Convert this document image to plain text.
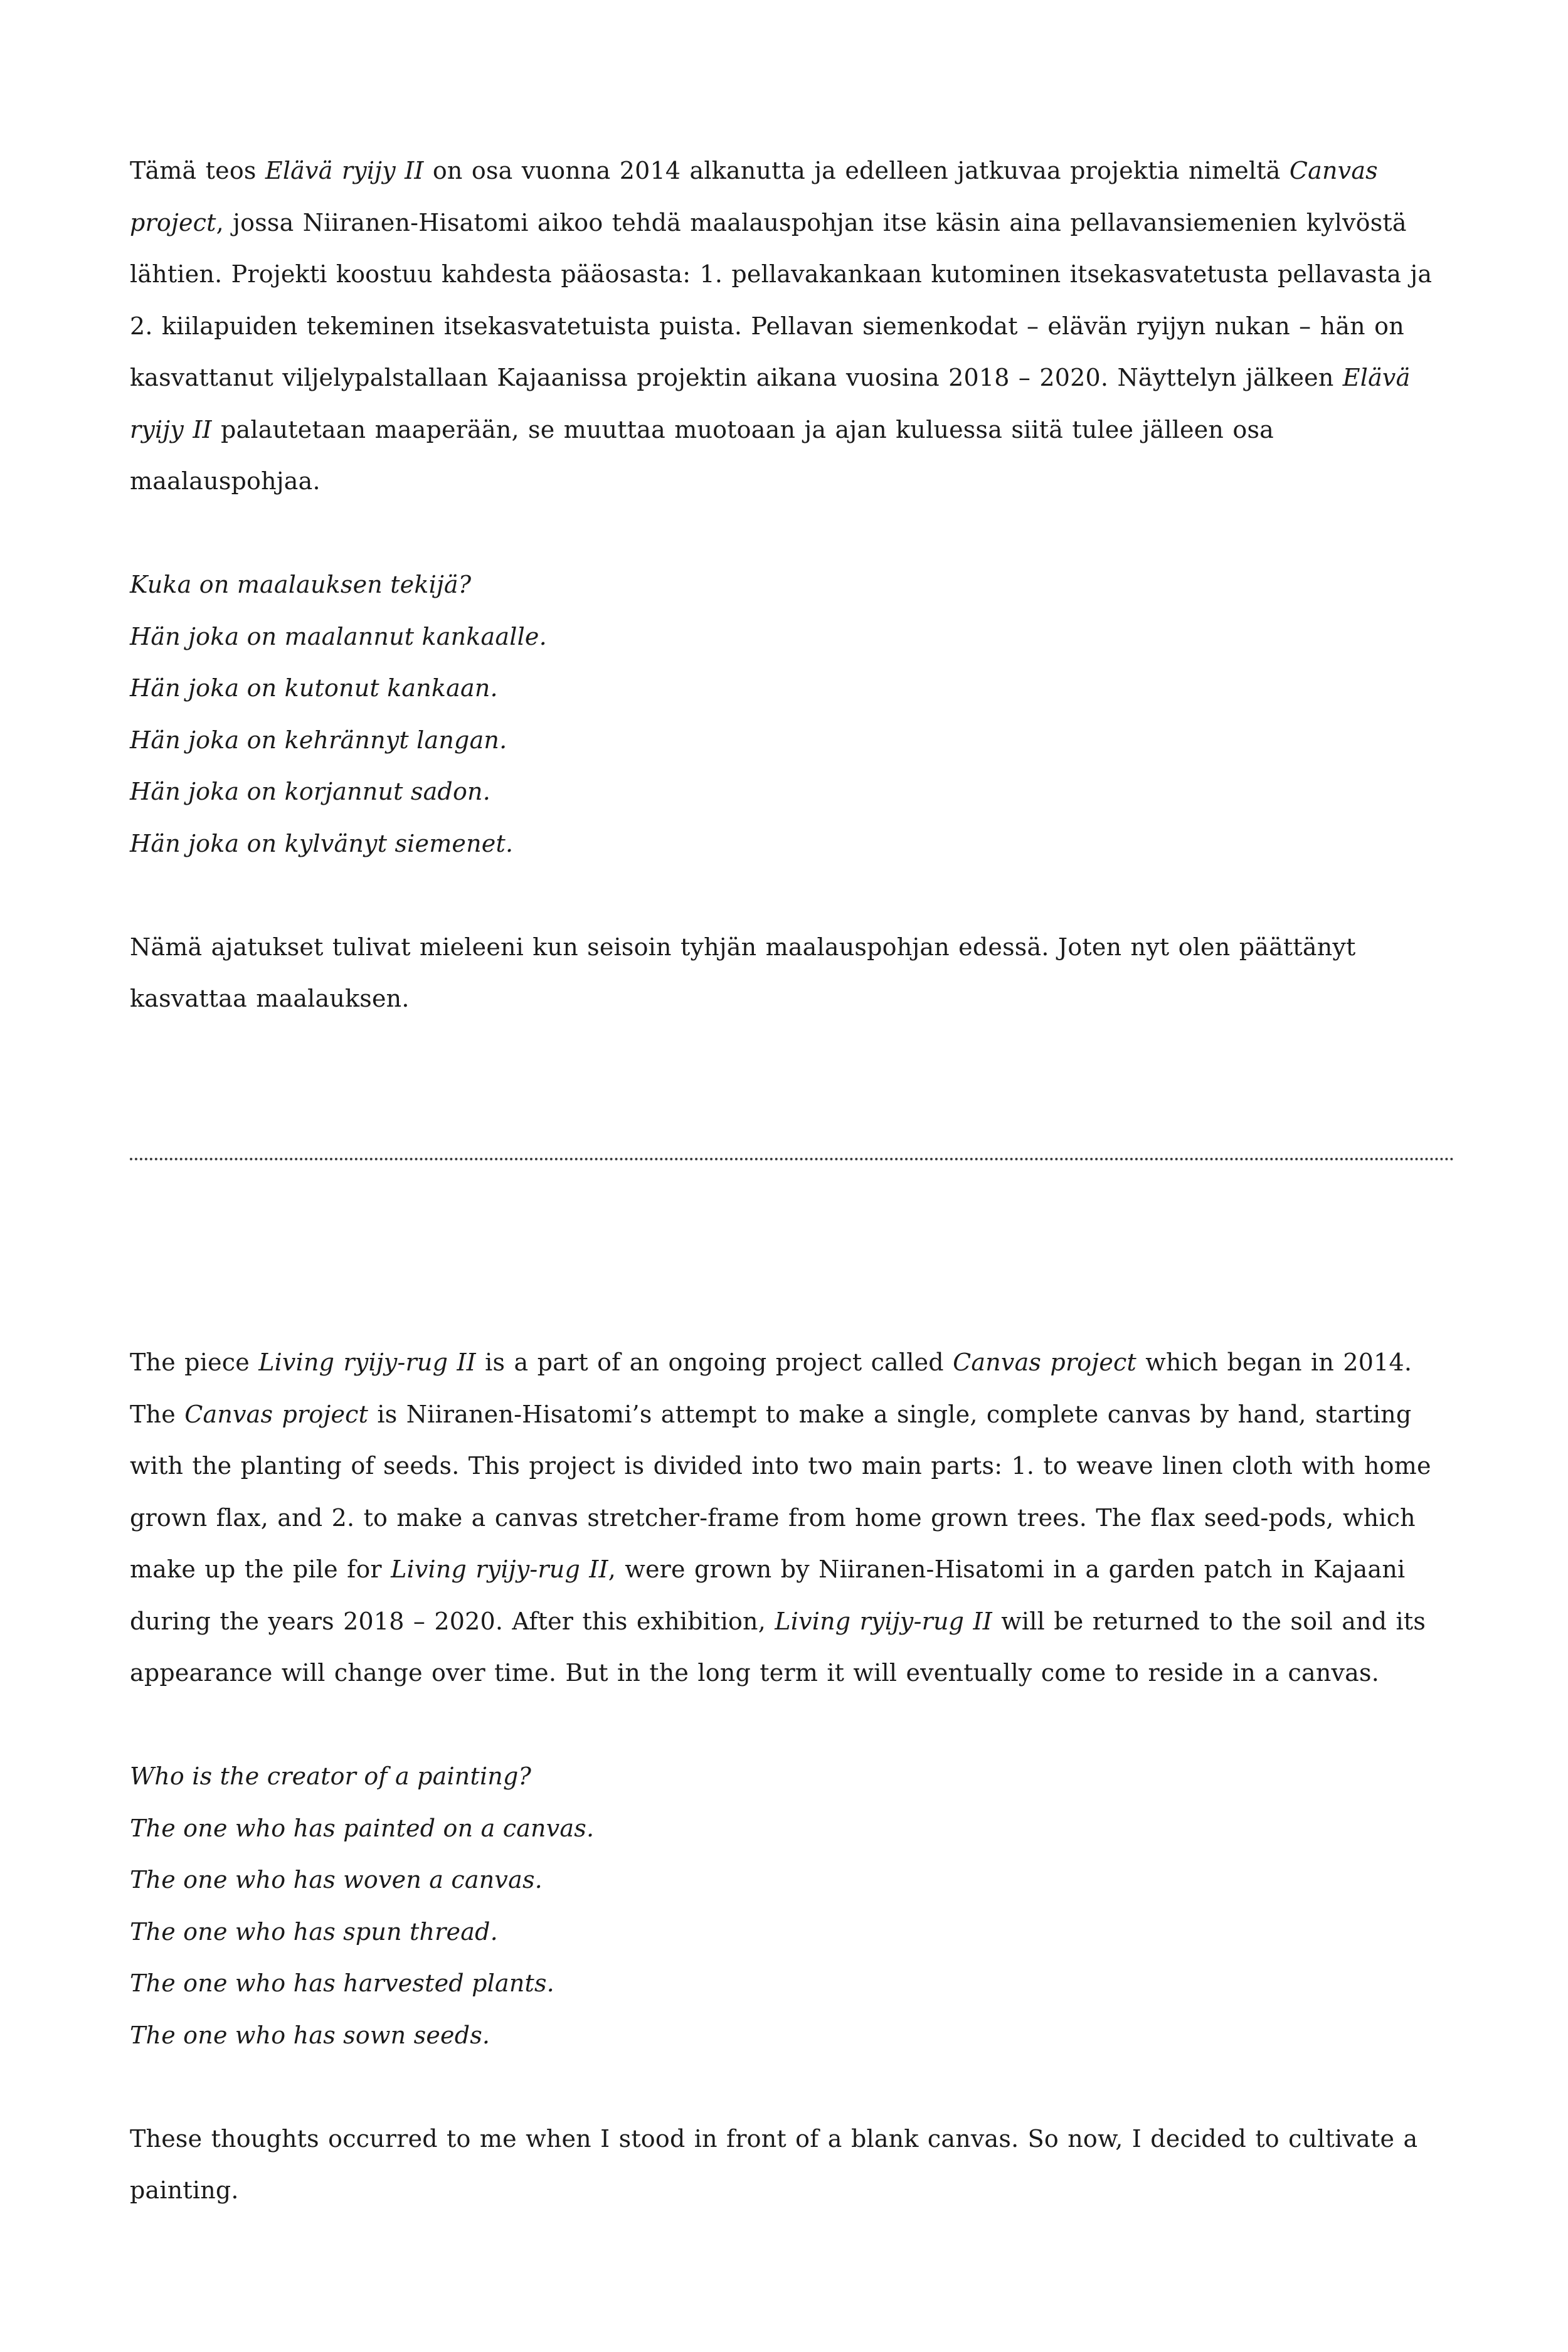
Tämä teos Elävä ryijy II on osa vuonna 2014 alkanutta ja edelleen jatkuvaa projektia nimeltä Canvas project, jossa Niiranen-Hisatomi aikoo tehdä maalauspohjan itse käsin aina pellavansiemenien kylvöstä lähtien. Projekti koostuu kahdesta pääosasta: 1. pellavakankaan kutominen itsekasvatetusta pellavasta ja 2. kiilapuiden tekeminen itsekasvatetuista puista. Pellavan siemenkodat – elävän ryijyn nukan – hän on kasvattanut viljelypalstallaan Kajaanissa projektin aikana vuosina 2018 – 2020. Näyttelyn jälkeen Elävä ryijy II palautetaan maaperään, se muuttaa muotoaan ja ajan kuluessa siitä tulee jälleen osa maalauspohjaa.

Kuka on maalauksen tekijä?
Hän joka on maalannut kankaalle.
Hän joka on kutonut kankaan.
Hän joka on kehrännyt langan.
Hän joka on korjannut sadon.
Hän joka on kylvänyt siemenet.

Nämä ajatukset tulivat mieleeni kun seisoin tyhjän maalauspohjan edessä. Joten nyt olen päättänyt kasvattaa maalauksen.

The piece Living ryijy-rug II is a part of an ongoing project called Canvas project which began in 2014. The Canvas project is Niiranen-Hisatomi’s attempt to make a single, complete canvas by hand, starting with the planting of seeds. This project is divided into two main parts: 1. to weave linen cloth with home grown flax, and 2. to make a canvas stretcher-frame from home grown trees. The flax seed-pods, which make up the pile for Living ryijy-rug II, were grown by Niiranen-Hisatomi in a garden patch in Kajaani during the years 2018 – 2020. After this exhibition, Living ryijy-rug II will be returned to the soil and its appearance will change over time. But in the long term it will eventually come to reside in a canvas.

Who is the creator of a painting?
The one who has painted on a canvas.
The one who has woven a canvas.
The one who has spun thread.
The one who has harvested plants.
The one who has sown seeds.

These thoughts occurred to me when I stood in front of a blank canvas. So now, I decided to cultivate a painting.
